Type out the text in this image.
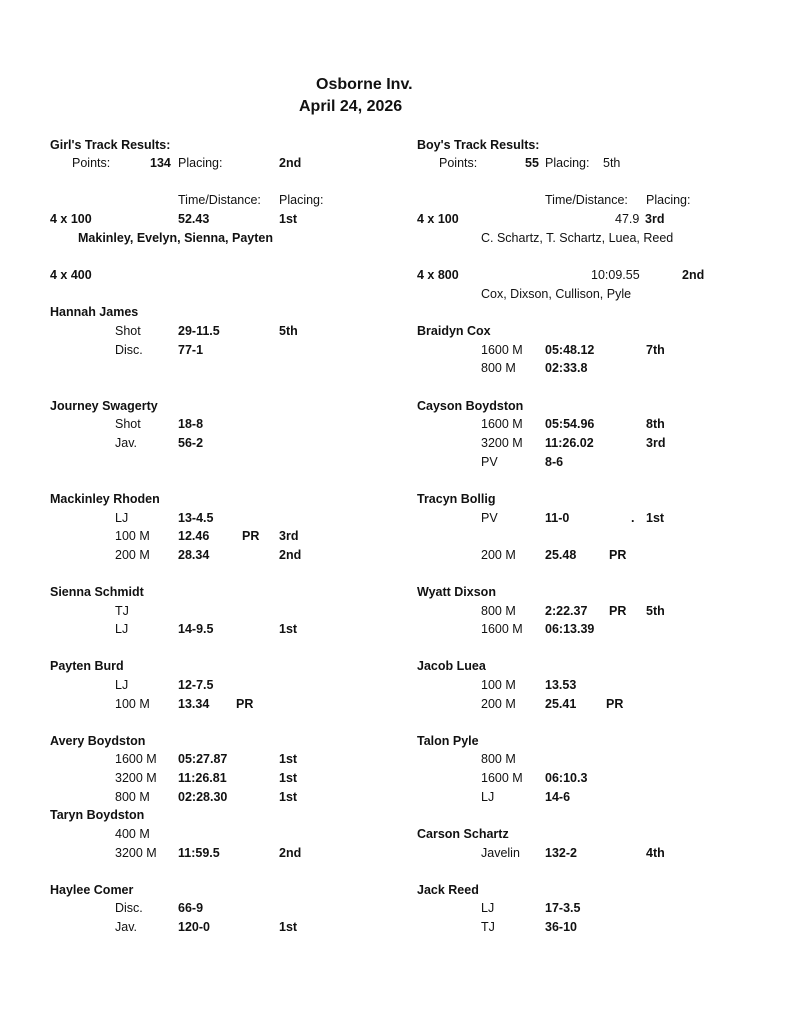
Osborne Inv.
April 24, 2026
Girl's Track Results:
Points:	134 Placing:	2nd
Time/Distance: Placing:
4 x 100	52.43	1st
Makinley, Evelyn, Sienna, Payten
4 x 400
Hannah James
Shot	29-11.5	5th
Disc.	77-1
Journey Swagerty
Shot	18-8
Jav.	56-2
Mackinley Rhoden
LJ	13-4.5
100 M 12.46	PR 3rd
200 M 28.34	2nd
Sienna Schmidt
TJ
LJ	14-9.5	1st
Payten Burd
LJ	12-7.5
100 M 13.34 PR
Avery Boydston
1600 M 05:27.87	1st
3200 M 11:26.81	1st
800 M 02:28.30	1st
Taryn Boydston
400 M
3200 M 11:59.5	2nd
Haylee Comer
Disc.	66-9
Jav.	120-0	1st
Boy's Track Results:
Points:	55 Placing: 5th
Time/Distance: Placing:
4 x 100	47.9 3rd
C. Schartz, T. Schartz, Luea, Reed
4 x 800	10:09.55	2nd
Cox, Dixson, Cullison, Pyle
Braidyn Cox
1600 M 05:48.12	7th
800 M 02:33.8
Cayson Boydston
1600 M 05:54.96	8th
3200 M 11:26.02	3rd
PV	8-6
Tracyn Bollig
PV	11-0	. 1st
200 M 25.48	PR
Wyatt Dixson
800 M 2:22.37 PR 5th
1600 M 06:13.39
Jacob Luea
100 M 13.53
200 M 25.41 PR
Talon Pyle
800 M
1600 M 06:10.3
LJ	14-6
Carson Schartz
Javelin 132-2	4th
Jack Reed
LJ	17-3.5
TJ	36-10
